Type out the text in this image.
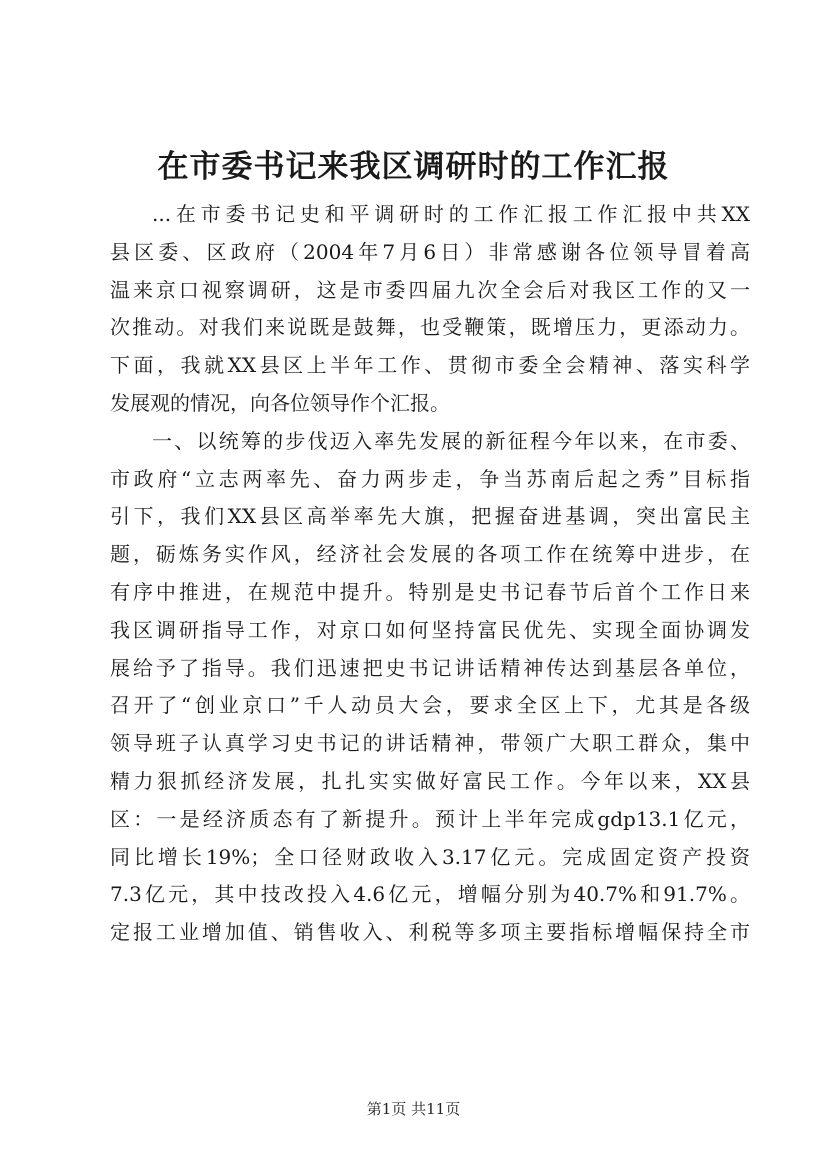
在市委书记来我区调研时的工作汇报
...在市委书记史和平调研时的工作汇报工作汇报中共XX
县区委、区政府（2004年7月6日）非常感谢各位领导冒着高
温来京口视察调研，这是市委四届九次全会后对我区工作的又一
次推动。对我们来说既是鼓舞，也受鞭策，既增压力，更添动力。
下面，我就XX县区上半年工作、贯彻市委全会精神、落实科学
发展观的情况，向各位领导作个汇报。
一、以统筹的步伐迈入率先发展的新征程今年以来，在市委、
市政府“立志两率先、奋力两步走，争当苏南后起之秀”目标指
引下，我们XX县区高举率先大旗，把握奋进基调，突出富民主
题，砺炼务实作风，经济社会发展的各项工作在统筹中进步，在
有序中推进，在规范中提升。特别是史书记春节后首个工作日来
我区调研指导工作，对京口如何坚持富民优先、实现全面协调发
展给予了指导。我们迅速把史书记讲话精神传达到基层各单位，
召开了“创业京口”千人动员大会，要求全区上下，尤其是各级
领导班子认真学习史书记的讲话精神，带领广大职工群众，集中
精力狠抓经济发展，扎扎实实做好富民工作。今年以来，XX县
区：一是经济质态有了新提升。预计上半年完成gdp13.1亿元，
同比增长19%；全口径财政收入3.17亿元。完成固定资产投资
7.3亿元，其中技改投入4.6亿元，增幅分别为40.7%和91.7%。
定报工业增加值、销售收入、利税等多项主要指标增幅保持全市
第1页 共11页
